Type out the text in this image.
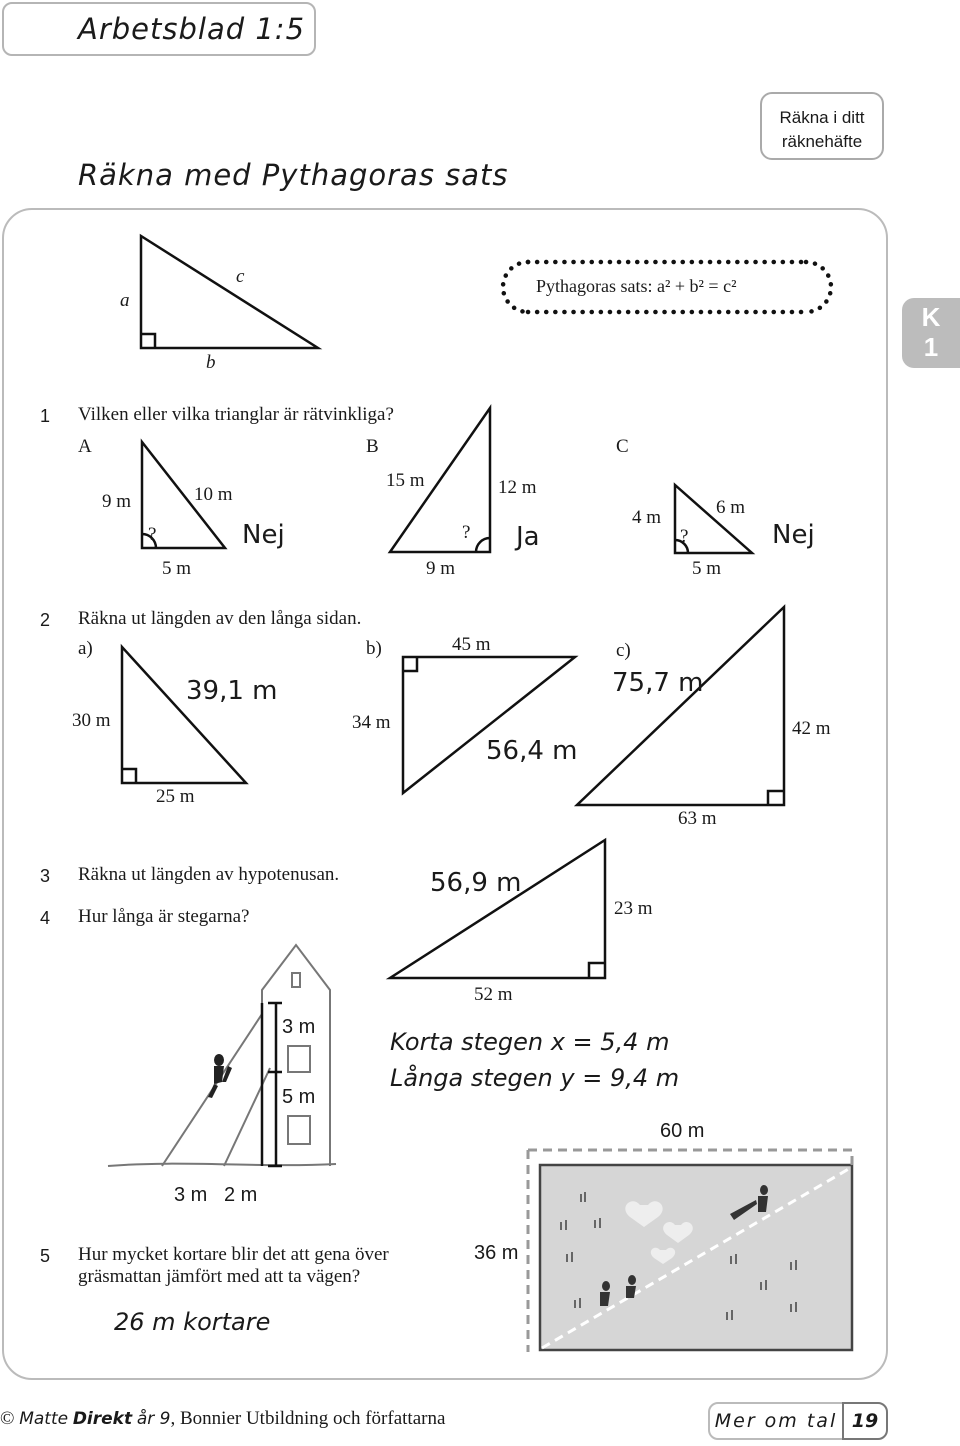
Arbetsblad 1:5
Räkna med Pythagoras sats
Räkna i ditt
räknehäfte
K
1
a
b
c	Pythagoras sats: a² + b² = c²
1 Vilken eller vilka trianglar är rätvinkliga?
A	B	C
9 m	10 m
5 m
?	Nej
15 m	12 m
9 m
? Ja
4 m	6 m
5 m
?	Nej
2 Räkna ut längden av den långa sidan.
a)
30 m
25 m
39,1 m
b)	45 m
34 m
56,4 m
c)
42 m
63 m
75,7 m
3 Räkna ut längden av hypotenusan.	56,9 m
23 m
52 m
4 Hur långa är stegarna?
3 m
5 m
3 m 2 m
Korta stegen x = 5,4 m
Långa stegen y = 9,4 m
60 m
36 m
5 Hur mycket kortare blir det att gena över
gräsmattan jämfört med att ta vägen?
26 m kortare
© Matte Direkt år 9, Bonnier Utbildning och författarna	Mer om tal 19
